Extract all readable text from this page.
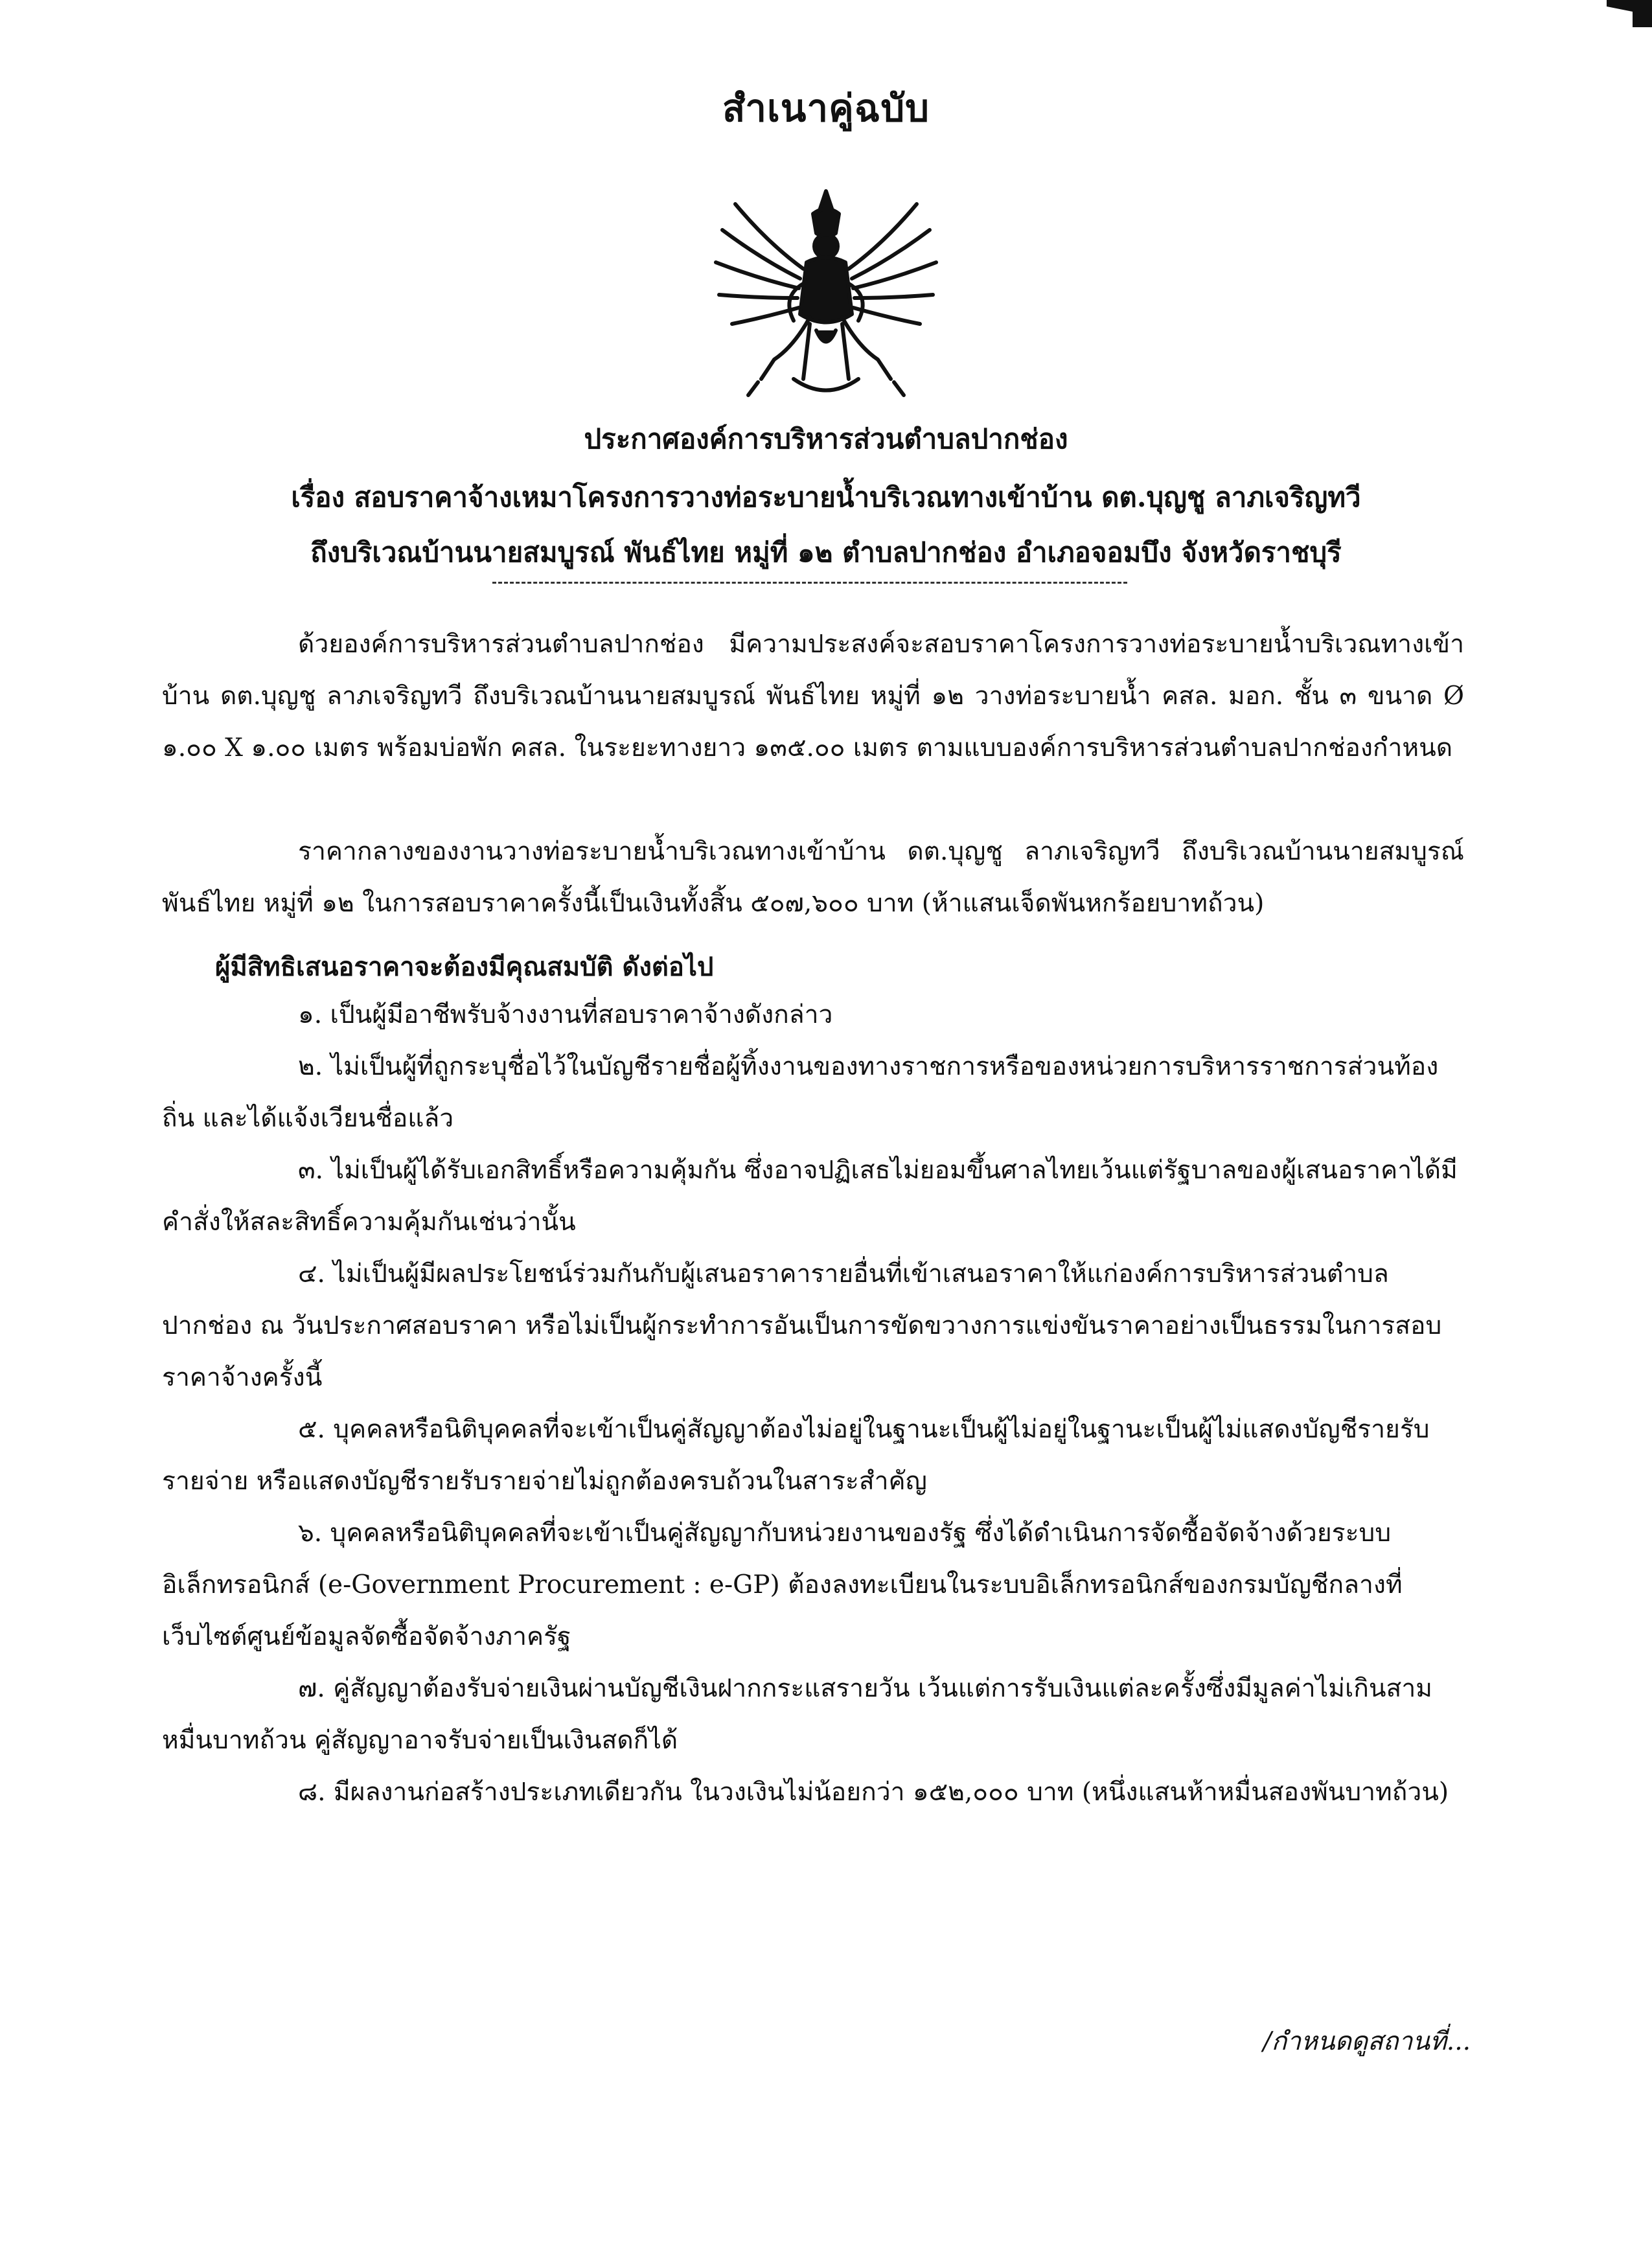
สำเนาคู่ฉบับ
ประกาศองค์การบริหารส่วนตำบลปากช่อง
เรื่อง สอบราคาจ้างเหมาโครงการวางท่อระบายน้ำบริเวณทางเข้าบ้าน ดต.บุญชู ลาภเจริญทวี
ถึงบริเวณบ้านนายสมบูรณ์ พันธ์ไทย หมู่ที่ ๑๒ ตำบลปากช่อง อำเภอจอมบึง จังหวัดราชบุรี

ด้วยองค์การบริหารส่วนตำบลปากช่อง มีความประสงค์จะสอบราคาโครงการวางท่อระบายน้ำบริเวณทางเข้าบ้าน ดต.บุญชู ลาภเจริญทวี ถึงบริเวณบ้านนายสมบูรณ์ พันธ์ไทย หมู่ที่ ๑๒ วางท่อระบายน้ำ คสล. มอก. ชั้น ๓ ขนาด Ø ๑.๐๐ X ๑.๐๐ เมตร พร้อมบ่อพัก คสล. ในระยะทางยาว ๑๓๕.๐๐ เมตร ตามแบบองค์การบริหารส่วนตำบลปากช่องกำหนด

ราคากลางของงานวางท่อระบายน้ำบริเวณทางเข้าบ้าน ดต.บุญชู ลาภเจริญทวี ถึงบริเวณบ้านนายสมบูรณ์ พันธ์ไทย หมู่ที่ ๑๒ ในการสอบราคาครั้งนี้เป็นเงินทั้งสิ้น ๕๐๗,๖๐๐ บาท (ห้าแสนเจ็ดพันหกร้อยบาทถ้วน)

ผู้มีสิทธิเสนอราคาจะต้องมีคุณสมบัติ ดังต่อไป

๑. เป็นผู้มีอาชีพรับจ้างงานที่สอบราคาจ้างดังกล่าว

๒. ไม่เป็นผู้ที่ถูกระบุชื่อไว้ในบัญชีรายชื่อผู้ทิ้งงานของทางราชการหรือของหน่วยการบริหารราชการส่วนท้องถิ่น และได้แจ้งเวียนชื่อแล้ว

๓. ไม่เป็นผู้ได้รับเอกสิทธิ์หรือความคุ้มกัน ซึ่งอาจปฏิเสธไม่ยอมขึ้นศาลไทยเว้นแต่รัฐบาลของผู้เสนอราคาได้มีคำสั่งให้สละสิทธิ์ความคุ้มกันเช่นว่านั้น

๔. ไม่เป็นผู้มีผลประโยชน์ร่วมกันกับผู้เสนอราคารายอื่นที่เข้าเสนอราคาให้แก่องค์การบริหารส่วนตำบลปากช่อง ณ วันประกาศสอบราคา หรือไม่เป็นผู้กระทำการอันเป็นการขัดขวางการแข่งขันราคาอย่างเป็นธรรมในการสอบราคาจ้างครั้งนี้

๕. บุคคลหรือนิติบุคคลที่จะเข้าเป็นคู่สัญญาต้องไม่อยู่ในฐานะเป็นผู้ไม่อยู่ในฐานะเป็นผู้ไม่แสดงบัญชีรายรับรายจ่าย หรือแสดงบัญชีรายรับรายจ่ายไม่ถูกต้องครบถ้วนในสาระสำคัญ

๖. บุคคลหรือนิติบุคคลที่จะเข้าเป็นคู่สัญญากับหน่วยงานของรัฐ ซึ่งได้ดำเนินการจัดซื้อจัดจ้างด้วยระบบอิเล็กทรอนิกส์ (e-Government Procurement : e-GP) ต้องลงทะเบียนในระบบอิเล็กทรอนิกส์ของกรมบัญชีกลางที่เว็บไซต์ศูนย์ข้อมูลจัดซื้อจัดจ้างภาครัฐ

๗. คู่สัญญาต้องรับจ่ายเงินผ่านบัญชีเงินฝากกระแสรายวัน เว้นแต่การรับเงินแต่ละครั้งซึ่งมีมูลค่าไม่เกินสามหมื่นบาทถ้วน คู่สัญญาอาจรับจ่ายเป็นเงินสดก็ได้

๘. มีผลงานก่อสร้างประเภทเดียวกัน ในวงเงินไม่น้อยกว่า ๑๕๒,๐๐๐ บาท (หนึ่งแสนห้าหมื่นสองพันบาทถ้วน)

/กำหนดดูสถานที่...
